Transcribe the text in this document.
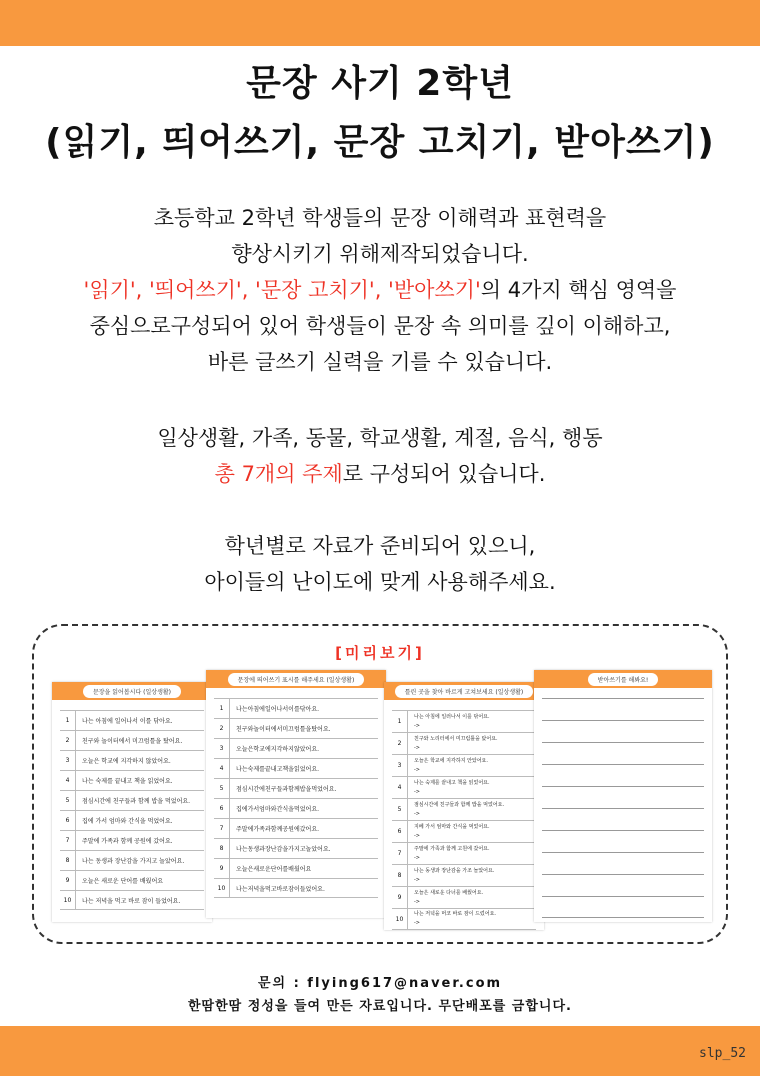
문장 사기 2학년
(읽기, 띄어쓰기, 문장 고치기, 받아쓰기)
초등학교 2학년 학생들의 문장 이해력과 표현력을
향상시키기 위해제작되었습니다.
'읽기', '띄어쓰기', '문장 고치기', '받아쓰기'의 4가지 핵심 영역을
중심으로구성되어 있어 학생들이 문장 속 의미를 깊이 이해하고,
바른 글쓰기 실력을 기를 수 있습니다.
일상생활, 가족, 동물, 학교생활, 계절, 음식, 행동
총 7개의 주제로 구성되어 있습니다.
학년별로 자료가 준비되어 있으니,
아이들의 난이도에 맞게 사용해주세요.
[미리보기]
문장을 읽어봅시다 (일상생활)
1	나는 아침에 일어나서 이를 닦아요.
2	친구와 놀이터에서 미끄럼틀을 탔어요.
3	오늘은 학교에 지각하지 않았어요.
4	나는 숙제를 끝내고 책을 읽었어요.
5	점심시간에 친구들과 함께 밥을 먹었어요.
6	집에 가서 엄마와 간식을 먹었어요.
7	주말에 가족과 함께 공원에 갔어요.
8	나는 동생과 장난감을 가지고 놀았어요.
9	오늘은 새로운 단어를 배웠어요
10	나는 저녁을 먹고 바로 잠이 들었어요.
문장에 띄어쓰기 표시를 해주세요 (일상생활)
1	나는아침에일어나서이를닦아요.
2	친구와놀이터에서미끄럼틀을탔어요.
3	오늘은학교에지각하지않았어요.
4	나는숙제를끝내고책을읽었어요.
5	점심시간에친구들과함께밥을먹었어요.
6	집에가서엄마와간식을먹었어요.
7	주말에가족과함께공원에갔어요.
8	나는동생과장난감을가지고놀았어요.
9	오늘은새로운단어를배웠어요
10	나는저녁을먹고바로잠이들었어요.
틀린 곳을 찾아 바르게 고쳐보세요 (일상생활)
1
나는 아침에 일러나서 이를 닦어요.
->
2
친구와 노리터에서 미끄럼틀을 탔어요.
->
3
오늘은 학교에 지각하지 안았어요.
->
4
나는 숙제를 끝내고 책을 읽었어요.
->
5
점심시간에 친구들과 함께 밥을 먹었어요.
->
6
지베 가서 엄마와 간식을 먹었어요.
->
7
주말에 가족과 함께 고원에 갔어요.
->
8
나는 동생과 장난감을 가조 놀았어요.
->
9
오늘은 새로운 다너를 배웠어요.
->
10
나는 저녁을 머코 바로 잠이 드렀어요.
->
받아쓰기를 해봐요!
문의 : flying617@naver.com
한땀한땀 정성을 들여 만든 자료입니다. 무단배포를 금합니다.
slp_52
